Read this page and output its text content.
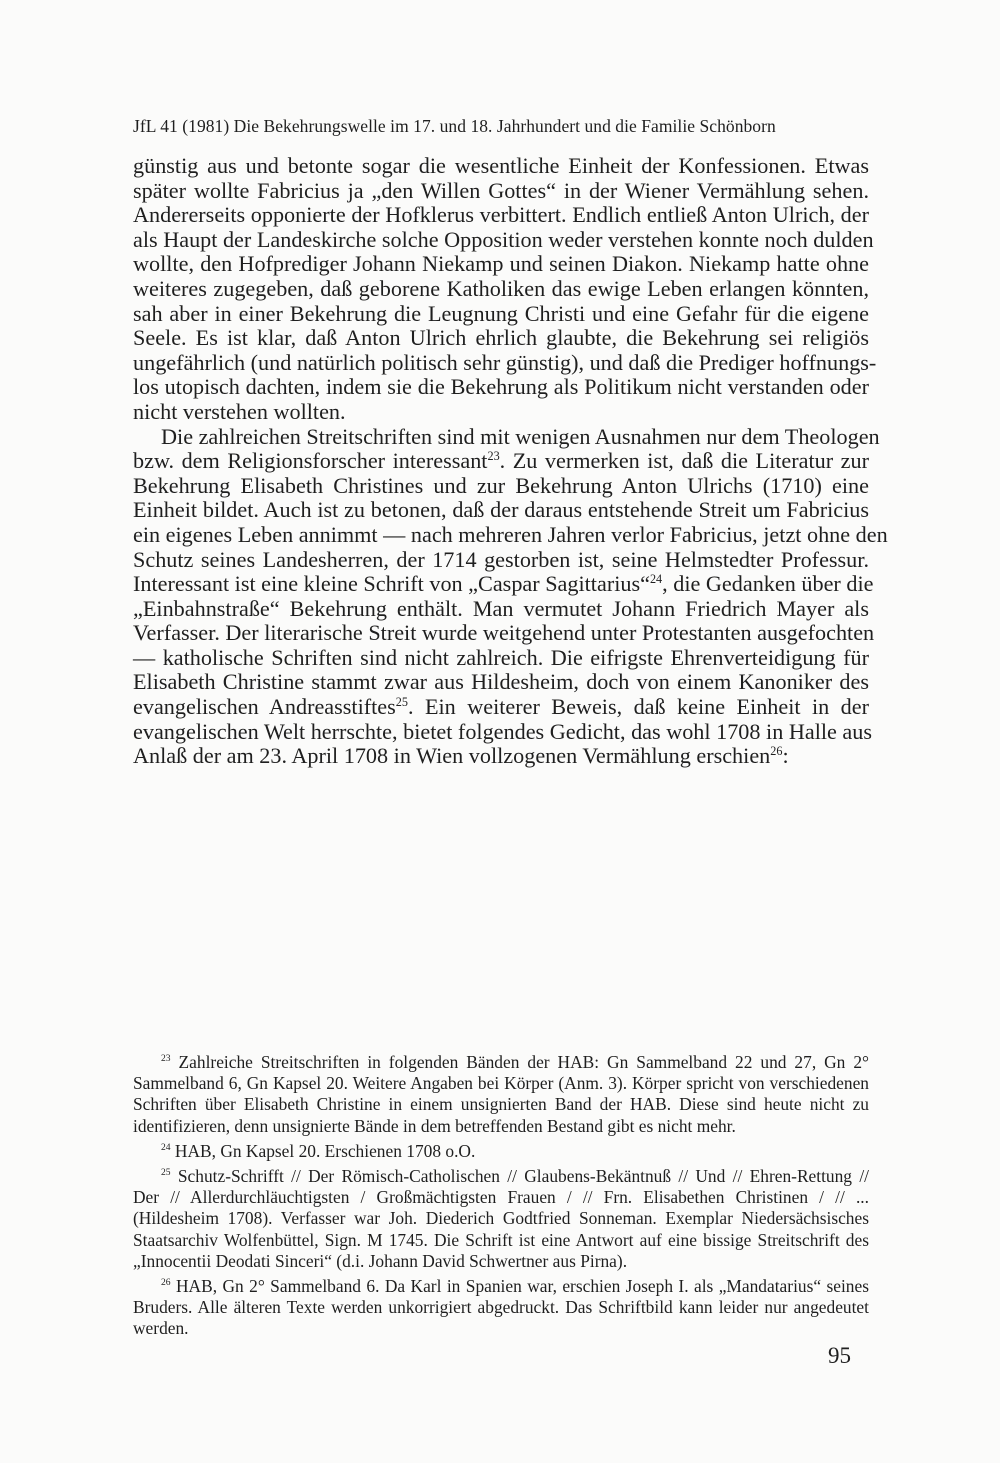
JfL 41 (1981) Die Bekehrungswelle im 17. und 18. Jahrhundert und die Familie Schönborn
günstig aus und betonte sogar die wesentliche Einheit der Konfessionen. Etwas
später wollte Fabricius ja „den Willen Gottes“ in der Wiener Vermählung sehen.
Andererseits opponierte der Hofklerus verbittert. Endlich entließ Anton Ulrich, der
als Haupt der Landeskirche solche Opposition weder verstehen konnte noch dulden
wollte, den Hofprediger Johann Niekamp und seinen Diakon. Niekamp hatte ohne
weiteres zugegeben, daß geborene Katholiken das ewige Leben erlangen könnten,
sah aber in einer Bekehrung die Leugnung Christi und eine Gefahr für die eigene
Seele. Es ist klar, daß Anton Ulrich ehrlich glaubte, die Bekehrung sei religiös
ungefährlich (und natürlich politisch sehr günstig), und daß die Prediger hoffnungs-
los utopisch dachten, indem sie die Bekehrung als Politikum nicht verstanden oder
nicht verstehen wollten.
Die zahlreichen Streitschriften sind mit wenigen Ausnahmen nur dem Theologen
bzw. dem Religionsforscher interessant$^{23}$. Zu vermerken ist, daß die Literatur zur
Bekehrung Elisabeth Christines und zur Bekehrung Anton Ulrichs (1710) eine
Einheit bildet. Auch ist zu betonen, daß der daraus entstehende Streit um Fabricius
ein eigenes Leben annimmt — nach mehreren Jahren verlor Fabricius, jetzt ohne den
Schutz seines Landesherren, der 1714 gestorben ist, seine Helmstedter Professur.
Interessant ist eine kleine Schrift von „Caspar Sagittarius“$^{24}$, die Gedanken über die
„Einbahnstraße“ Bekehrung enthält. Man vermutet Johann Friedrich Mayer als
Verfasser. Der literarische Streit wurde weitgehend unter Protestanten ausgefochten
— katholische Schriften sind nicht zahlreich. Die eifrigste Ehrenverteidigung für
Elisabeth Christine stammt zwar aus Hildesheim, doch von einem Kanoniker des
evangelischen Andreasstiftes$^{25}$. Ein weiterer Beweis, daß keine Einheit in der
evangelischen Welt herrschte, bietet folgendes Gedicht, das wohl 1708 in Halle aus
Anlaß der am 23. April 1708 in Wien vollzogenen Vermählung erschien$^{26}$:
$^{23}$ Zahlreiche Streitschriften in folgenden Bänden der HAB: Gn Sammelband 22 und 27, Gn 2°
Sammelband 6, Gn Kapsel 20. Weitere Angaben bei Körper (Anm. 3). Körper spricht von verschiedenen
Schriften über Elisabeth Christine in einem unsignierten Band der HAB. Diese sind heute nicht zu
identifizieren, denn unsignierte Bände in dem betreffenden Bestand gibt es nicht mehr.
$^{24}$ HAB, Gn Kapsel 20. Erschienen 1708 o.O.
$^{25}$ Schutz-Schrifft // Der Römisch-Catholischen // Glaubens-Bekäntnuß // Und // Ehren-Rettung //
Der // Allerdurchläuchtigsten / Großmächtigsten Frauen / // Frn. Elisabethen Christinen / // ...
(Hildesheim 1708). Verfasser war Joh. Diederich Godtfried Sonneman. Exemplar Niedersächsisches
Staatsarchiv Wolfenbüttel, Sign. M 1745. Die Schrift ist eine Antwort auf eine bissige Streitschrift des
„Innocentii Deodati Sinceri“ (d.i. Johann David Schwertner aus Pirna).
$^{26}$ HAB, Gn 2° Sammelband 6. Da Karl in Spanien war, erschien Joseph I. als „Mandatarius“ seines
Bruders. Alle älteren Texte werden unkorrigiert abgedruckt. Das Schriftbild kann leider nur angedeutet
werden.
95
